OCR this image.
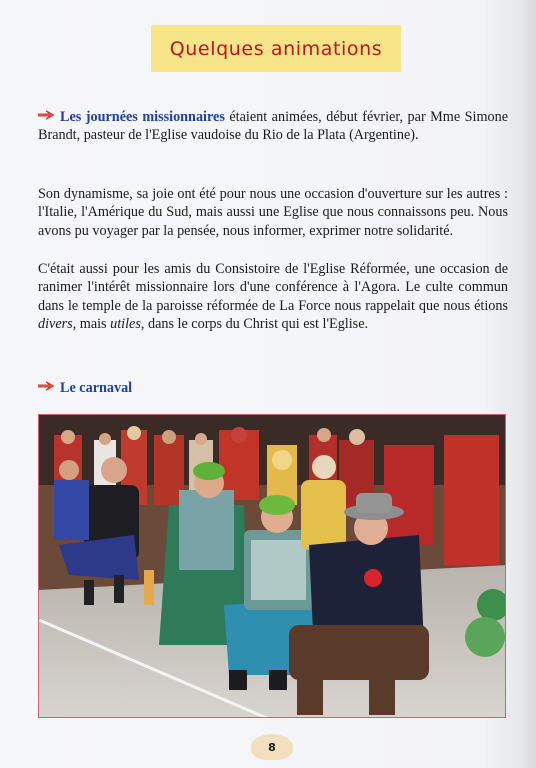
Quelques animations
Les journées missionnaires étaient animées, début février, par Mme Simone Brandt, pasteur de l'Eglise vaudoise du Rio de la Plata (Argentine).
Son dynamisme, sa joie ont été pour nous une occasion d'ouverture sur les autres : l'Italie, l'Amérique du Sud, mais aussi une Eglise que nous connaissons peu. Nous avons pu voyager par la pensée, nous informer, exprimer notre solidarité.
C'était aussi pour les amis du Consistoire de l'Eglise Réformée, une occasion de ranimer l'intérêt missionnaire lors d'une conférence à l'Agora. Le culte commun dans le temple de la paroisse réformée de La Force nous rappelait que nous étions divers, mais utiles, dans le corps du Christ qui est l'Eglise.
Le carnaval
8
